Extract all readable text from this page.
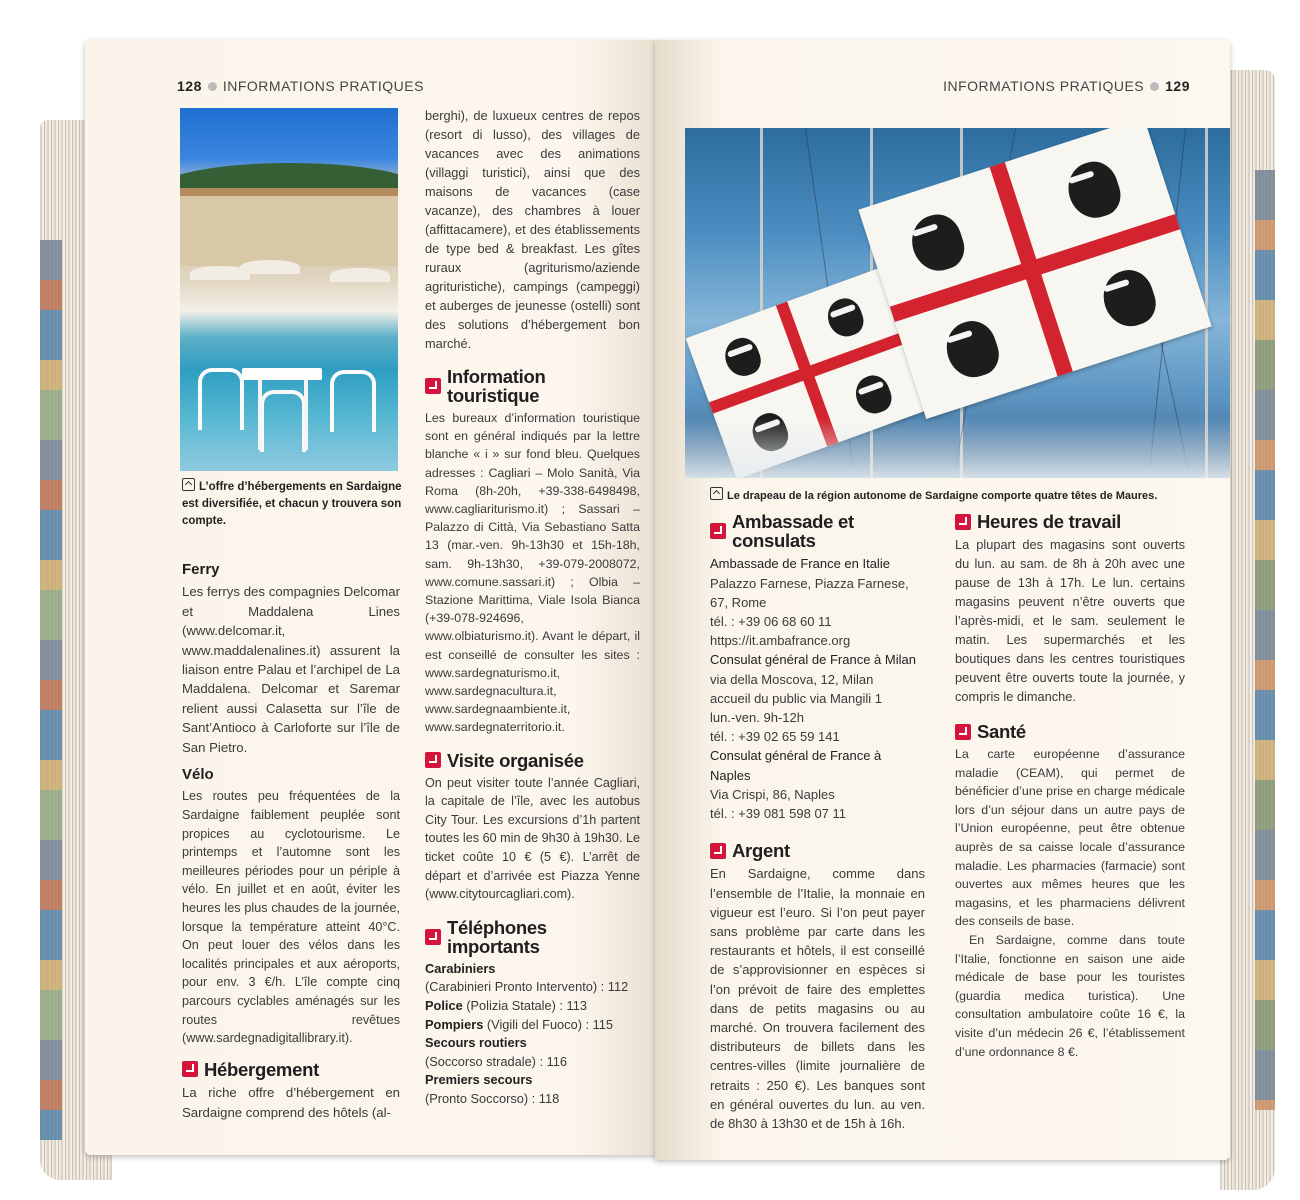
128 INFORMATIONS PRATIQUES
L’offre d’hébergements en Sardaigne est diversifiée, et chacun y trouvera son compte.
Ferry

Les ferrys des compagnies Delcomar et Maddalena Lines (www.delcomar.it, www.maddalenalines.it) assurent la liaison entre Palau et l’archipel de La Maddalena. Delcomar et Saremar relient aussi Calasetta sur l’île de Sant’Antioco à Carloforte sur l’île de San Pietro.

Vélo

Les routes peu fréquentées de la Sardaigne faiblement peuplée sont propices au cyclotourisme. Le printemps et l’automne sont les meilleures périodes pour un périple à vélo. En juillet et en août, éviter les heures les plus chaudes de la journée, lorsque la température atteint 40°C. On peut louer des vélos dans les localités principales et aux aéroports, pour env. 3 €/h. L’île compte cinq parcours cyclables aménagés sur les routes revêtues (www.sardegnadigitallibrary.it).

Hébergement

La riche offre d’hébergement en Sardaigne comprend des hôtels (al-

berghi), de luxueux centres de repos (resort di lusso), des villages de vacances avec des animations (villaggi turistici), ainsi que des maisons de vacances (case vacanze), des chambres à louer (affittacamere), et des établissements de type bed & breakfast. Les gîtes ruraux (agriturismo/aziende agrituristiche), campings (campeggi) et auberges de jeunesse (ostelli) sont des solutions d’hébergement bon marché.

Information touristique

Les bureaux d’information touristique sont en général indiqués par la lettre blanche « i » sur fond bleu. Quelques adresses : Cagliari – Molo Sanità, Via Roma (8h-20h, +39-338-6498498, www.cagliariturismo.it) ; Sassari – Palazzo di Città, Via Sebastiano Satta 13 (mar.-ven. 9h-13h30 et 15h-18h, sam. 9h-13h30, +39-079-2008072, www.comune.sassari.it) ; Olbia – Stazione Marittima, Viale Isola Bianca (+39-078-924696, www.olbiaturismo.it). Avant le départ, il est conseillé de consulter les sites : www.sardegnaturismo.it, www.sardegnacultura.it, www.sardegnaambiente.it, www.sardegnaterritorio.it.

Visite organisée

On peut visiter toute l’année Cagliari, la capitale de l’île, avec les autobus City Tour. Les excursions d’1h partent toutes les 60 min de 9h30 à 19h30. Le ticket coûte 10 € (5 €). L’arrêt de départ et d’arrivée est Piazza Yenne (www.citytourcagliari.com).

Téléphones importants
Carabiniers
(Carabinieri Pronto Intervento) : 112
Police (Polizia Statale) : 113
Pompiers (Vigili del Fuoco) : 115
Secours routiers
(Soccorso stradale) : 116
Premiers secours
(Pronto Soccorso) : 118
INFORMATIONS PRATIQUES 129
Le drapeau de la région autonome de Sardaigne comporte quatre têtes de Maures.
Ambassade et consulats
Ambassade de France en Italie
Palazzo Farnese, Piazza Farnese, 67, Rome
tél. : +39 06 68 60 11
https://it.ambafrance.org
Consulat général de France à Milan
via della Moscova, 12, Milan
accueil du public via Mangili 1
lun.-ven. 9h-12h
tél. : +39 02 65 59 141
Consulat général de France à Naples
Via Crispi, 86, Naples
tél. : +39 081 598 07 11
Argent

En Sardaigne, comme dans l’ensemble de l’Italie, la monnaie en vigueur est l’euro. Si l’on peut payer sans problème par carte dans les restaurants et hôtels, il est conseillé de s’approvisionner en espèces si l’on prévoit de faire des emplettes dans de petits magasins ou au marché. On trouvera facilement des distributeurs de billets dans les centres-villes (limite journalière de retraits : 250 €). Les banques sont en général ouvertes du lun. au ven. de 8h30 à 13h30 et de 15h à 16h.

Heures de travail

La plupart des magasins sont ouverts du lun. au sam. de 8h à 20h avec une pause de 13h à 17h. Le lun. certains magasins peuvent n’être ouverts que l’après-midi, et le sam. seulement le matin. Les supermarchés et les boutiques dans les centres touristiques peuvent être ouverts toute la journée, y compris le dimanche.

Santé

La carte européenne d’assurance maladie (CEAM), qui permet de bénéficier d’une prise en charge médicale lors d’un séjour dans un autre pays de l’Union européenne, peut être obtenue auprès de sa caisse locale d’assurance maladie. Les pharmacies (farmacie) sont ouvertes aux mêmes heures que les magasins, et les pharmaciens délivrent des conseils de base.

En Sardaigne, comme dans toute l’Italie, fonctionne en saison une aide médicale de base pour les touristes (guardia medica turistica). Une consultation ambulatoire coûte 16 €, la visite d’un médecin 26 €, l’établissement d’une ordonnance 8 €.
